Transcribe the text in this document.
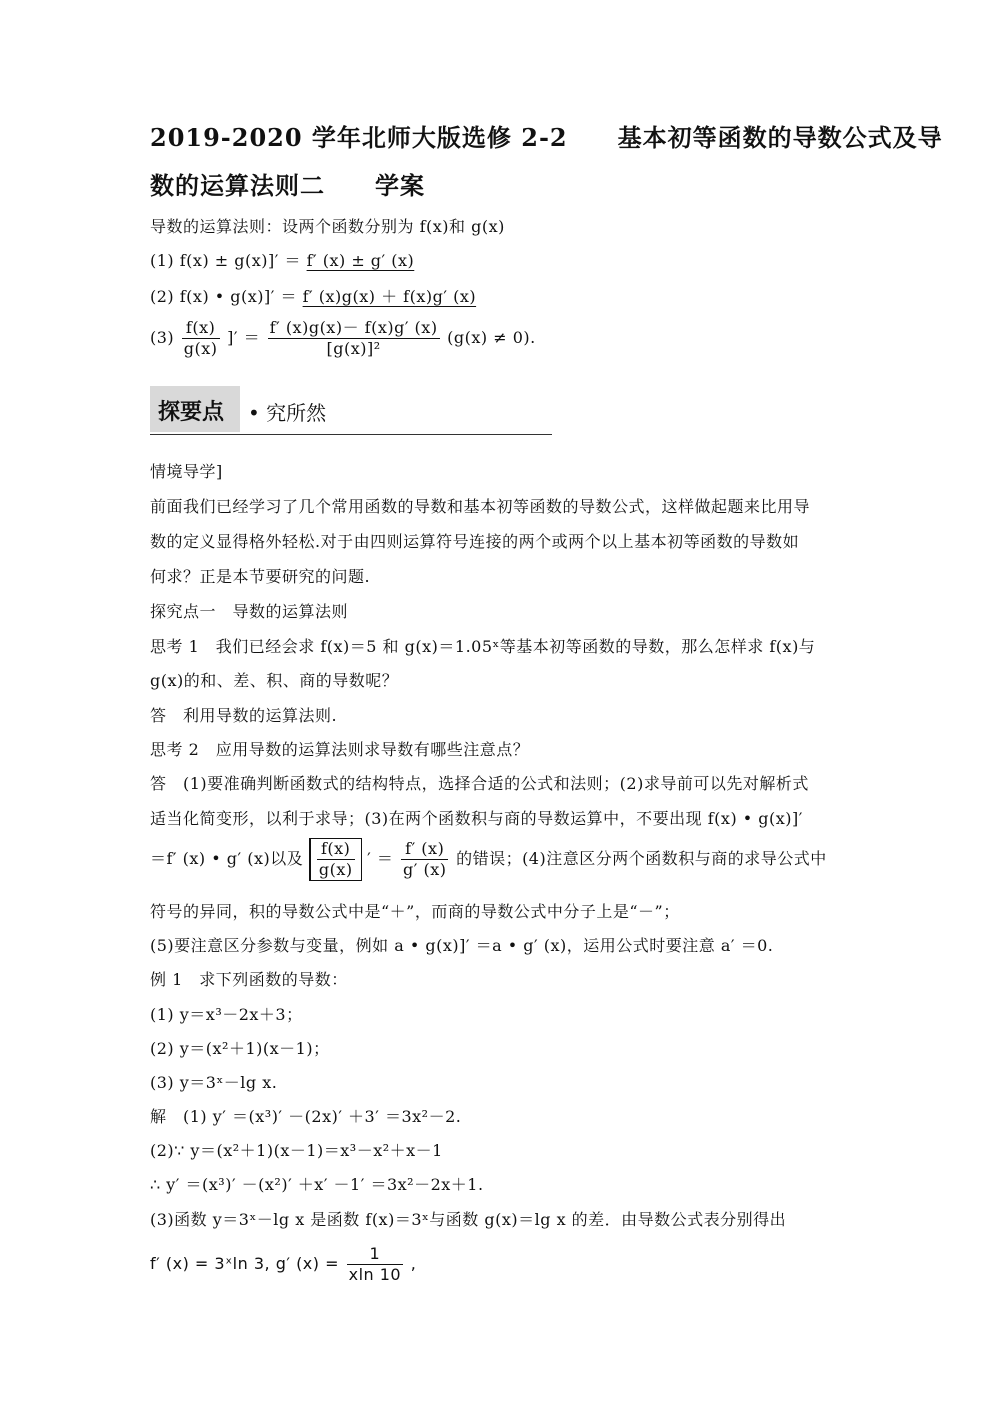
2019-2020 学年北师大版选修 2-2　　基本初等函数的导数公式及导
数的运算法则二　　学案
导数的运算法则：设两个函数分别为 f(x)和 g(x)
(1) f(x) ± g(x)]′ ＝ f′ (x) ± g′ (x)
(2) f(x) • g(x)]′ ＝ f′ (x)g(x) ＋ f(x)g′ (x)
$(3) \frac{f(x)}{g(x)}$ ]′ ＝ $\frac{f' (x)g(x)- f(x)g' (x)}{\text{[g(x)]²}} (g(x) \ne 0)$.
探要点 • 究所然
情境导学]
前面我们已经学习了几个常用函数的导数和基本初等函数的导数公式，这样做起题来比用导
数的定义显得格外轻松.对于由四则运算符号连接的两个或两个以上基本初等函数的导数如
何求？正是本节要研究的问题.
探究点一　导数的运算法则
思考 1　我们已经会求 f(x)＝5 和 g(x)＝1.05ˣ等基本初等函数的导数，那么怎样求 f(x)与
g(x)的和、差、积、商的导数呢？
答　利用导数的运算法则.
思考 2　应用导数的运算法则求导数有哪些注意点？
答　(1)要准确判断函数式的结构特点，选择合适的公式和法则；(2)求导前可以先对解析式
适当化简变形，以利于求导；(3)在两个函数积与商的导数运算中，不要出现 f(x) • g(x)]′
＝f′ (x) • g′ (x)以及 $\frac{f(x)}{g(x)}$ ′ ＝ $\frac{f' (x)}{g' (x)}$ 的错误；(4)注意区分两个函数积与商的求导公式中
符号的异同，积的导数公式中是“＋”，而商的导数公式中分子上是“－”；
(5)要注意区分参数与变量，例如 a • g(x)]′ ＝a • g′ (x)，运用公式时要注意 a′ ＝0.
例 1　求下列函数的导数：
(1) y＝x³－2x＋3；
(2) y＝(x²＋1)(x－1)；
(3) y＝3ˣ－lg x.
解　(1) y′ ＝(x³)′ －(2x)′ ＋3′ ＝3x²－2.
(2)∵ y＝(x²＋1)(x－1)＝x³－x²＋x－1
∴ y′ ＝(x³)′ －(x²)′ ＋x′ －1′ ＝3x²－2x＋1.
(3)函数 y＝3ˣ－lg x 是函数 f(x)＝3ˣ与函数 g(x)＝lg x 的差．由导数公式表分别得出
f′ (x) = 3ˣln 3, g′ $(x) = \frac{1}{xln 10}$ ,
